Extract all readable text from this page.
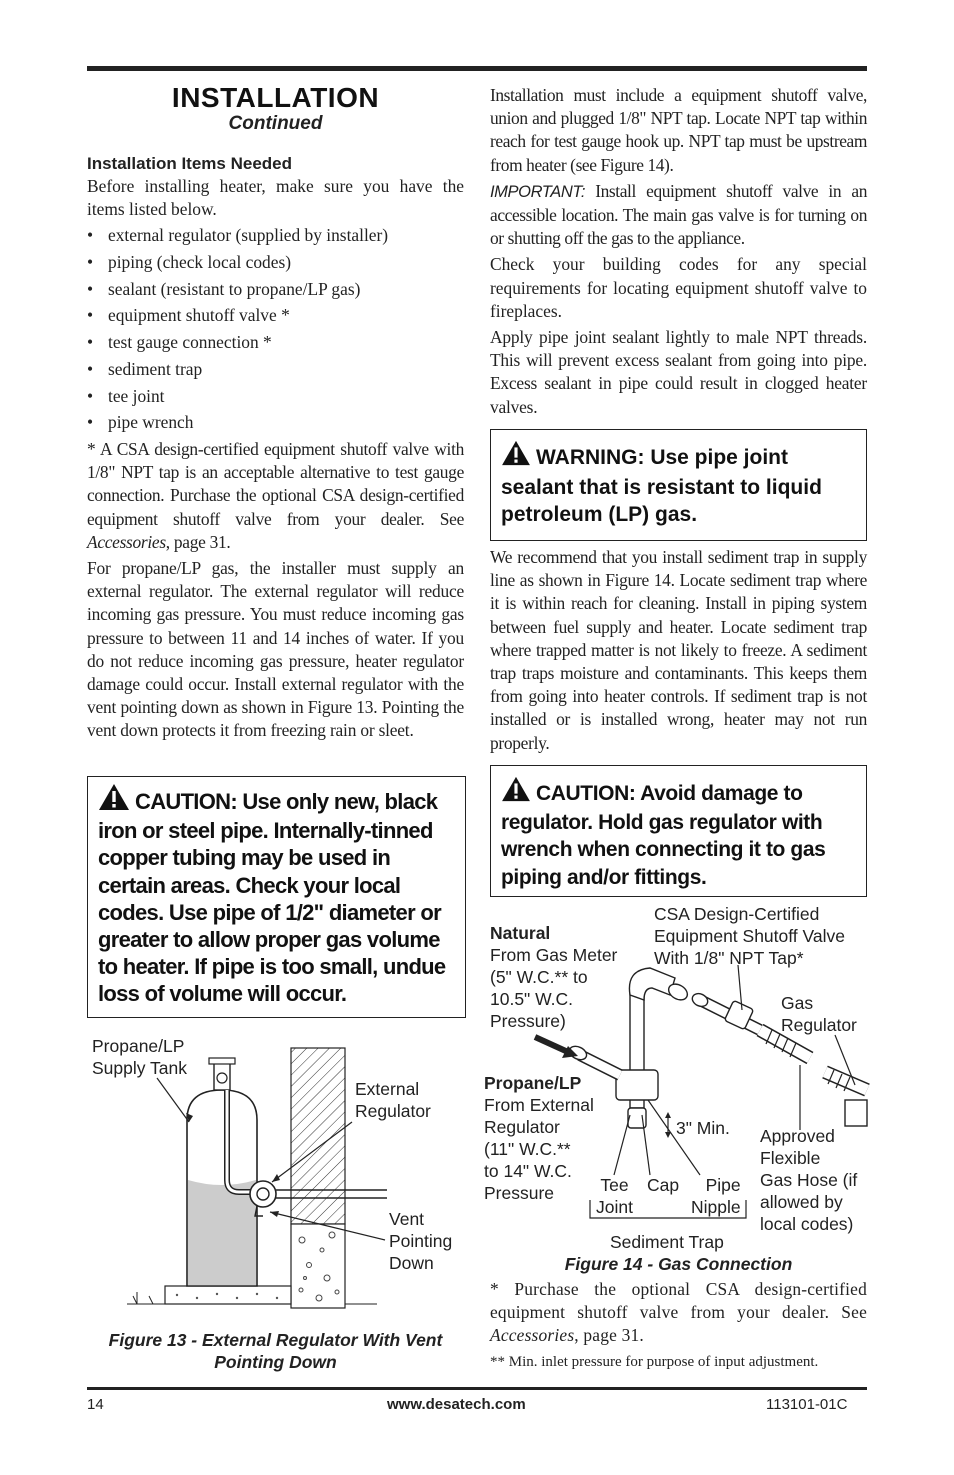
INSTALLATION
Continued
Installation Items Needed

Before installing heater, make sure you have the items listed below.

• external regulator (supplied by installer)
• piping (check local codes)
• sealant (resistant to propane/LP gas)
• equipment shutoff valve *
• test gauge connection *
• sediment trap
• tee joint
• pipe wrench

* A CSA design-certified equipment shutoff valve with 1/8" NPT tap is an acceptable alternative to test gauge connection. Purchase the optional CSA design-certified equipment shutoff valve from your dealer. See Accessories, page 31.

For propane/LP gas, the installer must supply an external regulator. The external regulator will reduce incoming gas pressure. You must reduce incoming gas pressure to between 11 and 14 inches of water. If you do not reduce incoming gas pressure, heater regulator damage could occur. Install external regulator with the vent pointing down as shown in Figure 13. Pointing the vent down protects it from freezing rain or sleet.

CAUTION: Use only new, black iron or steel pipe. Internally-tinned copper tubing may be used in certain areas. Check your local codes. Use pipe of 1/2" diameter or greater to allow proper gas volume to heater. If pipe is too small, undue loss of volume will occur.
Propane/LP
Supply Tank
External
Regulator
Vent
Pointing
Down
Figure 13 - External Regulator With Vent
Pointing Down

Installation must include a equipment shutoff valve, union and plugged 1/8" NPT tap. Locate NPT tap within reach for test gauge hook up. NPT tap must be upstream from heater (see Figure 14).

IMPORTANT: Install equipment shutoff valve in an accessible location. The main gas valve is for turning on or shutting off the gas to the appliance.

Check your building codes for any special requirements for locating equipment shutoff valve to fireplaces.

Apply pipe joint sealant lightly to male NPT threads. This will prevent excess sealant from going into pipe. Excess sealant in pipe could result in clogged heater valves.

WARNING: Use pipe joint sealant that is resistant to liquid petroleum (LP) gas.

We recommend that you install sediment trap in supply line as shown in Figure 14. Locate sediment trap where it is within reach for cleaning. Install in piping system between fuel supply and heater. Locate sediment trap where trapped matter is not likely to freeze. A sediment trap traps moisture and contaminants. This keeps them from going into heater controls. If sediment trap is not installed or is installed wrong, heater may not run properly.

CAUTION: Avoid damage to regulator. Hold gas regulator with wrench when connecting it to gas piping and/or fittings.
Natural
From Gas Meter
(5" W.C.** to
10.5" W.C.
Pressure)
CSA Design-Certified
Equipment Shutoff Valve
With 1/8" NPT Tap*
Gas
Regulator
Propane/LP
From External
Regulator
(11" W.C.**
to 14" W.C.
Pressure
3" Min. Approved
Flexible
Gas Hose (if
allowed by
local codes)
Tee
Joint
Cap	Pipe
Nipple
Sediment Trap
Figure 14 - Gas Connection

* Purchase the optional CSA design-certified equipment shutoff valve from your dealer. See Accessories, page 31.

** Min. inlet pressure for purpose of input adjustment.

14	www.desatech.com	113101-01C
